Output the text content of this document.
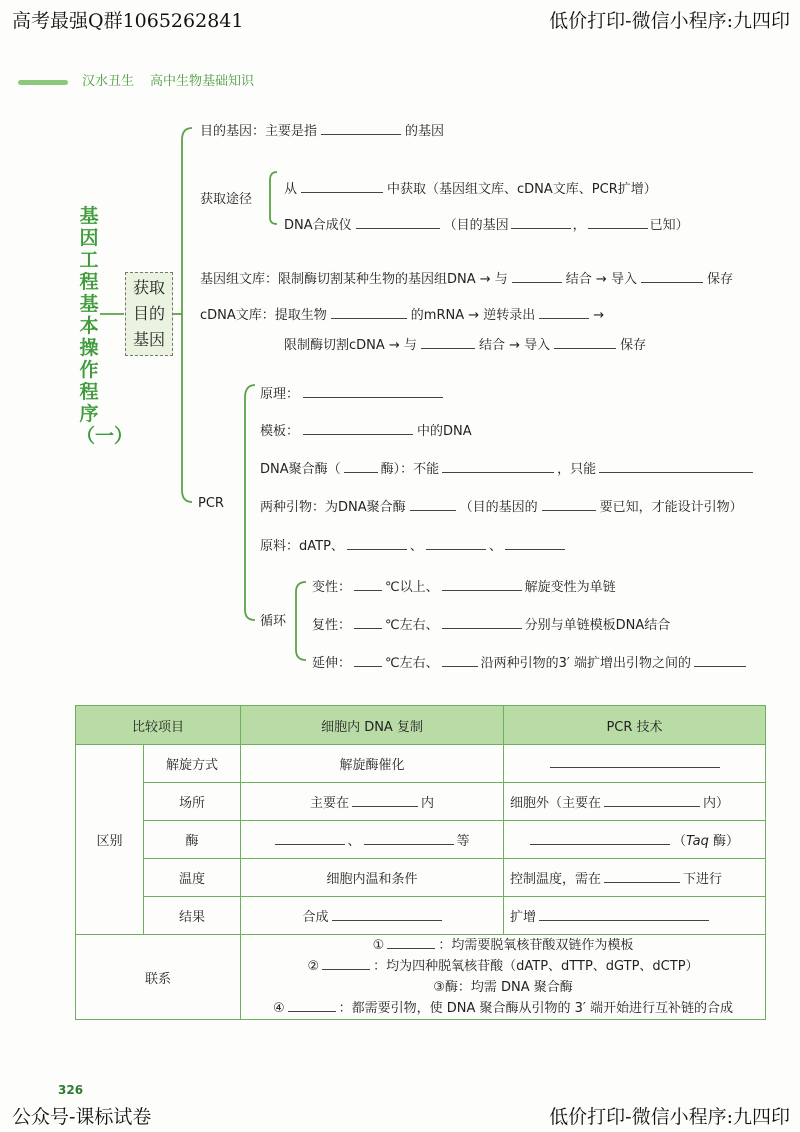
高考最强Q群1065262841	低价打印-微信小程序:九四印
公众号-课标试卷	低价打印-微信小程序:九四印
汉水丑生 高中生物基础知识
基因工程基本操作程序（一）
获取目的基因
目的基因：主要是指	的基因
获取途径
从	中获取（基因组文库、cDNA文库、PCR扩增）
DNA合成仪	（目的基因	，	已知）
基因组文库：限制酶切割某种生物的基因组DNA → 与	结合 → 导入	保存
cDNA文库：提取生物	的mRNA → 逆转录出	→
限制酶切割cDNA → 与	结合 → 导入	保存
PCR
原理：
模板：	中的DNA
DNA聚合酶（	酶）：不能	，只能
两种引物：为DNA聚合酶	（目的基因的	要已知，才能设计引物）
原料：dATP、	、	、
循环
变性：	℃以上、	解旋变性为单链
复性：	℃左右、	分别与单链模板DNA结合
延伸：	℃左右、	沿两种引物的3′ 端扩增出引物之间的
比较项目		细胞内 DNA 复制	PCR 技术
区别	解旋方式	解旋酶催化	
	场所	主要在 内	细胞外（主要在 内）
	酶	、 等	（Taq 酶）
	温度	细胞内温和条件	控制温度，需在 下进行
	结果	合成	扩增
联系		① ：均需要脱氧核苷酸双链作为模板
② ：均为四种脱氧核苷酸（dATP、dTTP、dGTP、dCTP）
③酶：均需 DNA 聚合酶
④ ：都需要引物，使 DNA 聚合酶从引物的 3′ 端开始进行互补链的合成	
326
